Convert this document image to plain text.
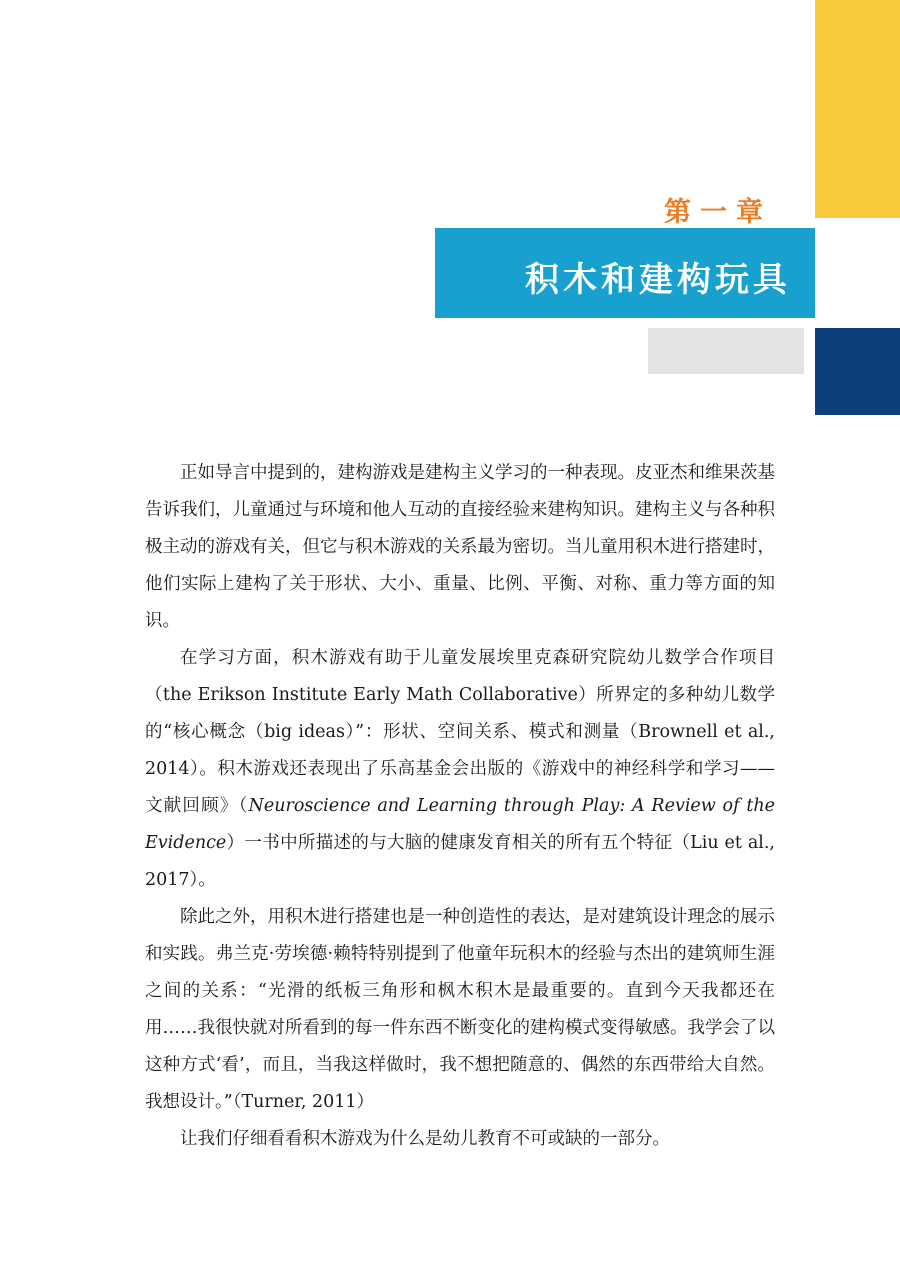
第一章
积木和建构玩具

正如导言中提到的，建构游戏是建构主义学习的一种表现。皮亚杰和维果茨基告诉我们，儿童通过与环境和他人互动的直接经验来建构知识。建构主义与各种积极主动的游戏有关，但它与积木游戏的关系最为密切。当儿童用积木进行搭建时，他们实际上建构了关于形状、大小、重量、比例、平衡、对称、重力等方面的知识。

在学习方面，积木游戏有助于儿童发展埃里克森研究院幼儿数学合作项目（the Erikson Institute Early Math Collaborative）所界定的多种幼儿数学的“核心概念（big ideas）”：形状、空间关系、模式和测量（Brownell et al., 2014）。积木游戏还表现出了乐高基金会出版的《游戏中的神经科学和学习——文献回顾》（Neuroscience and Learning through Play: A Review of the Evidence）一书中所描述的与大脑的健康发育相关的所有五个特征（Liu et al., 2017）。

除此之外，用积木进行搭建也是一种创造性的表达，是对建筑设计理念的展示和实践。弗兰克·劳埃德·赖特特别提到了他童年玩积木的经验与杰出的建筑师生涯之间的关系：“光滑的纸板三角形和枫木积木是最重要的。直到今天我都还在用……我很快就对所看到的每一件东西不断变化的建构模式变得敏感。我学会了以这种方式‘看’，而且，当我这样做时，我不想把随意的、偶然的东西带给大自然。我想设计。”（Turner, 2011）

让我们仔细看看积木游戏为什么是幼儿教育不可或缺的一部分。
